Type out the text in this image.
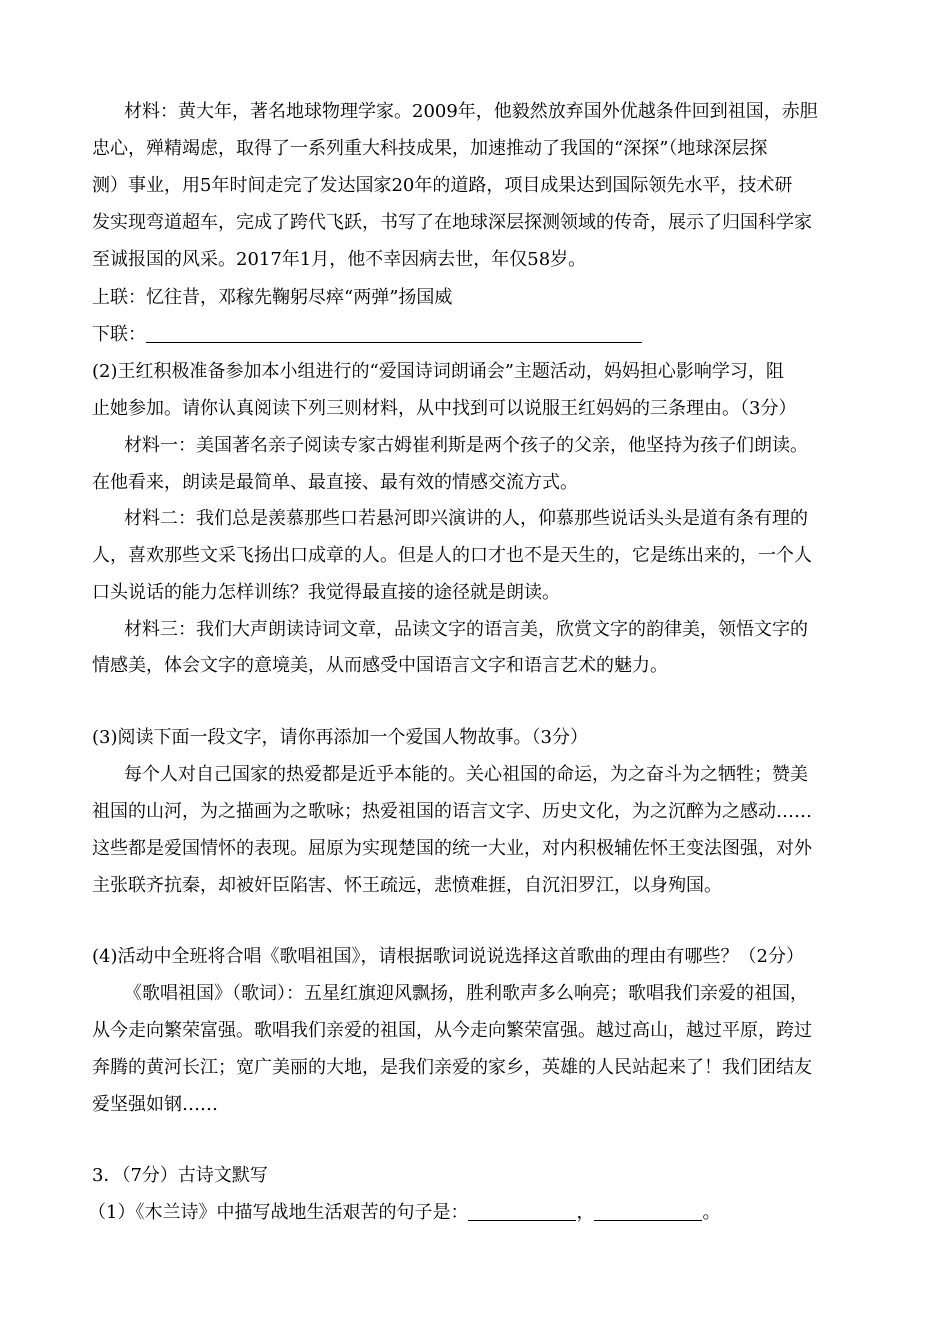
材料：黄大年，著名地球物理学家。2009年，他毅然放弃国外优越条件回到祖国，赤胆
忠心，殚精竭虑，取得了一系列重大科技成果，加速推动了我国的“深探”（地球深层探
测）事业，用5年时间走完了发达国家20年的道路，项目成果达到国际领先水平，技术研
发实现弯道超车，完成了跨代飞跃，书写了在地球深层探测领域的传奇，展示了归国科学家
至诚报国的风采。2017年1月，他不幸因病去世，年仅58岁。
上联：忆往昔，邓稼先鞠躬尽瘁“两弹”扬国威
下联：
(2)王红积极准备参加本小组进行的“爱国诗词朗诵会”主题活动，妈妈担心影响学习，阻
止她参加。请你认真阅读下列三则材料，从中找到可以说服王红妈妈的三条理由。（3分）
材料一：美国著名亲子阅读专家古姆崔利斯是两个孩子的父亲，他坚持为孩子们朗读。
在他看来，朗读是最简单、最直接、最有效的情感交流方式。
材料二：我们总是羡慕那些口若悬河即兴演讲的人，仰慕那些说话头头是道有条有理的
人，喜欢那些文采飞扬出口成章的人。但是人的口才也不是天生的，它是练出来的，一个人
口头说话的能力怎样训练？我觉得最直接的途径就是朗读。
材料三：我们大声朗读诗词文章，品读文字的语言美，欣赏文字的韵律美，领悟文字的
情感美，体会文字的意境美，从而感受中国语言文字和语言艺术的魅力。
(3)阅读下面一段文字，请你再添加一个爱国人物故事。（3分）
每个人对自己国家的热爱都是近乎本能的。关心祖国的命运，为之奋斗为之牺牲；赞美
祖国的山河，为之描画为之歌咏；热爱祖国的语言文字、历史文化，为之沉醉为之感动……
这些都是爱国情怀的表现。屈原为实现楚国的统一大业，对内积极辅佐怀王变法图强，对外
主张联齐抗秦，却被奸臣陷害、怀王疏远，悲愤难捱，自沉汨罗江，以身殉国。
(4)活动中全班将合唱《歌唱祖国》，请根据歌词说说选择这首歌曲的理由有哪些？（2分）
《歌唱祖国》（歌词）：五星红旗迎风飘扬，胜利歌声多么响亮；歌唱我们亲爱的祖国，
从今走向繁荣富强。歌唱我们亲爱的祖国，从今走向繁荣富强。越过高山，越过平原，跨过
奔腾的黄河长江；宽广美丽的大地，是我们亲爱的家乡，英雄的人民站起来了！我们团结友
爱坚强如钢……
3．（7分）古诗文默写
（1）《木兰诗》中描写战地生活艰苦的句子是：	，	。
